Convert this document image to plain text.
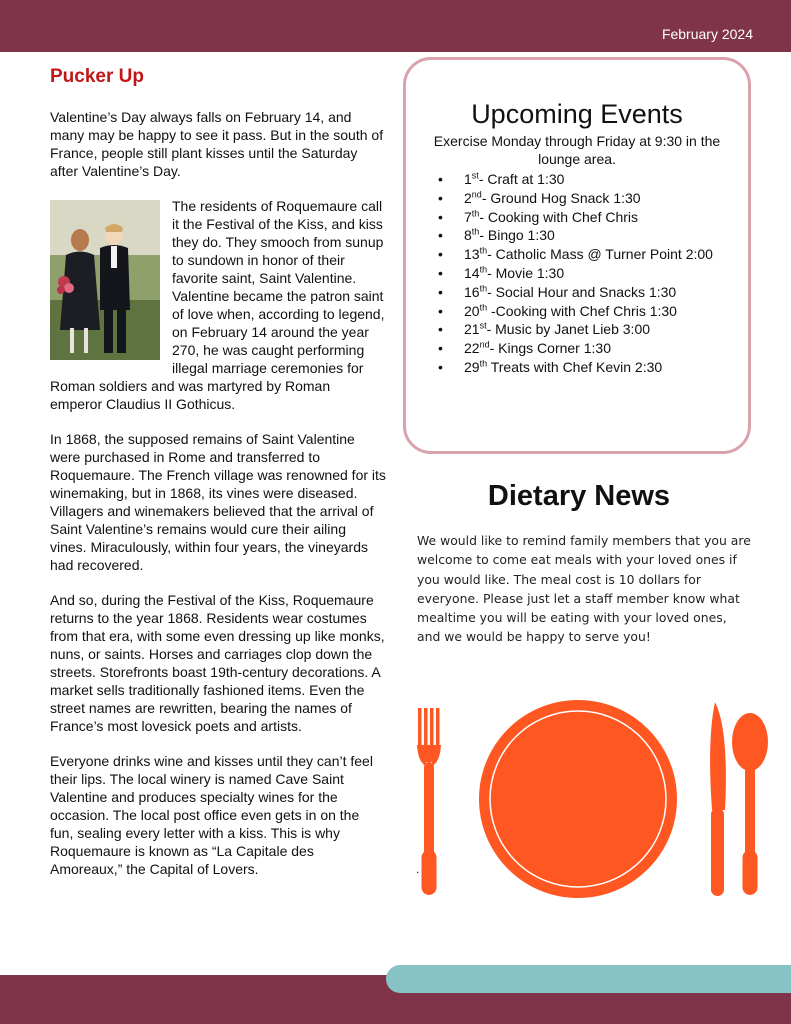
February 2024
Pucker Up

Valentine’s Day always falls on February 14, and many may be happy to see it pass. But in the south of France, people still plant kisses until the Saturday after Valentine’s Day.

The residents of Roquemaure call it the Festival of the Kiss, and kiss they do. They smooch from sunup to sundown in honor of their favorite saint, Saint Valentine. Valentine became the patron saint of love when, according to legend, on February 14 around the year 270, he was caught performing illegal marriage ceremonies for Roman soldiers and was martyred by Roman emperor Claudius II Gothicus.

In 1868, the supposed remains of Saint Valentine were purchased in Rome and transferred to Roquemaure. The French village was renowned for its winemaking, but in 1868, its vines were diseased. Villagers and winemakers believed that the arrival of Saint Valentine’s remains would cure their ailing vines. Miraculously, within four years, the vineyards had recovered.

And so, during the Festival of the Kiss, Roquemaure returns to the year 1868. Residents wear costumes from that era, with some even dressing up like monks, nuns, or saints. Horses and carriages clop down the streets. Storefronts boast 19th-century decorations. A market sells traditionally fashioned items. Even the street names are rewritten, bearing the names of France’s most lovesick poets and artists.

Everyone drinks wine and kisses until they can’t feel their lips. The local winery is named Cave Saint Valentine and produces specialty wines for the occasion. The local post office even gets in on the fun, sealing every letter with a kiss. This is why Roquemaure is known as “La Capitale des Amoreaux,” the Capital of Lovers.

Upcoming Events
Exercise Monday through Friday at 9:30 in the lounge area.
• 1st- Craft at 1:30
• 2nd- Ground Hog Snack 1:30
• 7th- Cooking with Chef Chris
• 8th- Bingo 1:30
• 13th- Catholic Mass @ Turner Point 2:00
• 14th- Movie 1:30
• 16th- Social Hour and Snacks 1:30
• 20th -Cooking with Chef Chris 1:30
• 21st- Music by Janet Lieb 3:00
• 22nd- Kings Corner 1:30
• 29th Treats with Chef Kevin 2:30
Dietary News
We would like to remind family members that you are welcome to come eat meals with your loved ones if you would like. The meal cost is 10 dollars for everyone. Please just let a staff member know what mealtime you will be eating with your loved ones, and we would be happy to serve you!
.
